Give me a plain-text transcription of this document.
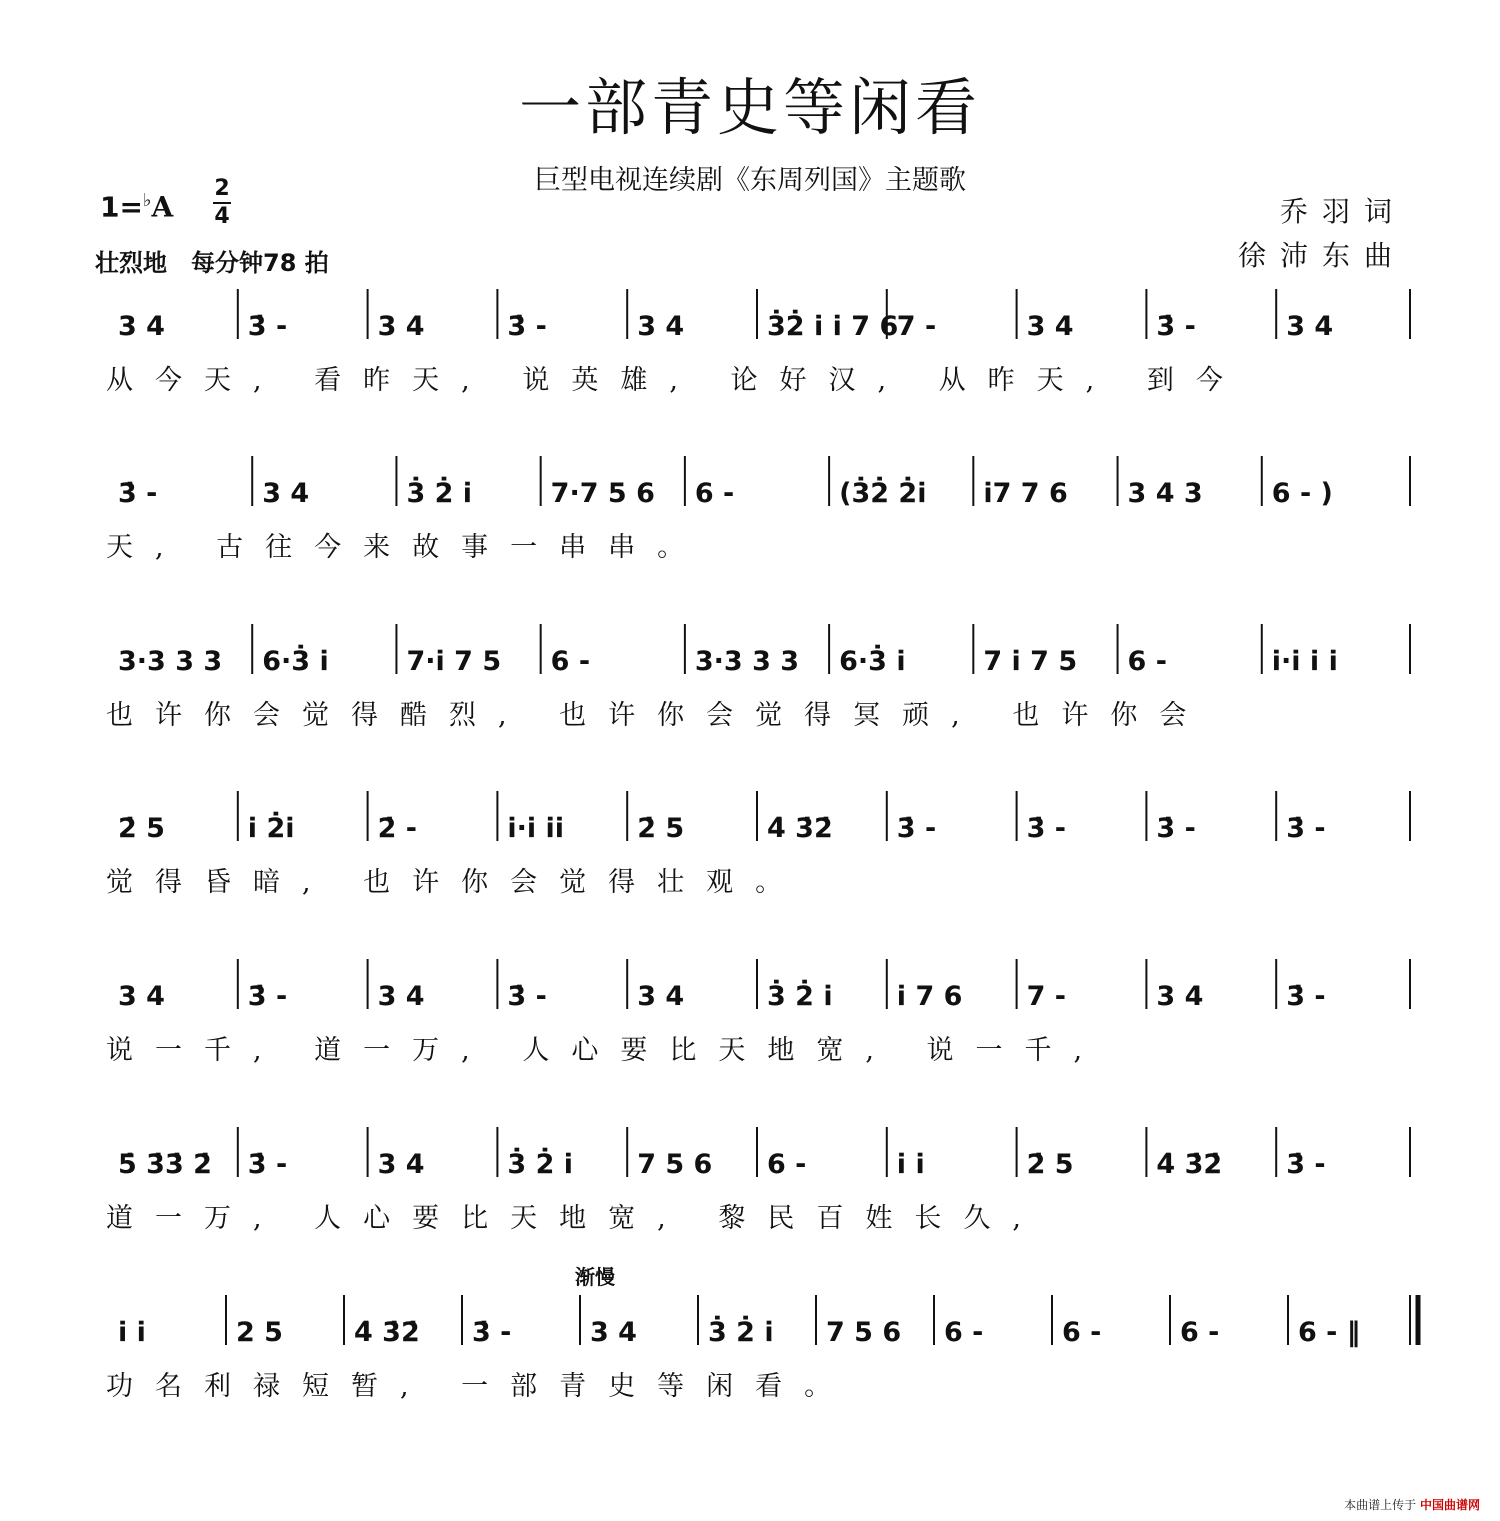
一部青史等闲看
巨型电视连续剧《东周列国》主题歌
1=♭A
2
4
壮烈地　每分钟78 拍
乔羽词
徐沛东曲
3 4	3̇ -	3 4	3̇ -	3 4	3̇2̇ i̇ i̇ 7 6
7 -	3 4	3̇ -	3 4
从今天, 看昨天, 说英雄, 论好汉, 从昨天, 到今
3̇ -	3 4	3̇ 2̇ i̇	7·7 5 6 6 -	(3̇2̇ 2̇i̇ i̇7 7 6 3 4 3	6 - )
天, 古往今来故事一串串。
3·3 3 3 6·3̇ i̇	7·i̇ 7 5 6 -	3·3 3 3 6·3̇ i̇	7 i̇ 7 5 6 -	i̇·i̇ i̇ i̇
也许你会觉得酷烈, 也许你会觉得冥顽, 也许你会
2̇ 5	i̇ 2̇i̇	2̇ -	i̇·i̇ i̇i̇	2̇ 5	4̇ 3̇2̇ 3̇ -	3̇ -	3̇ -	3̇ -
觉得昏暗, 也许你会觉得壮观。
3 4	3̇ -	3 4	3̇ -	3 4	3̇ 2̇ i̇ i̇ 7 6 7 -	3 4	3̇ -
说一千, 道一万, 人心要比天地宽, 说一千,
5̇ 3̇3̇ 2̇ 3̇ -	3 4	3̇ 2̇ i̇ 7 5 6 6 -	i̇ i̇	2̇ 5	4̇ 3̇2̇ 3̇ -
道一万, 人心要比天地宽, 黎民百姓长久,
i̇ i̇	2 5	4̇ 3̇2̇ 3̇ -	3 4	3̇ 2̇ i̇ 7 5 6 6 -	6 -	6 -	6 - ‖
功名利禄短暂, 一部青史等闲看。
渐慢
本曲谱上传于 中国曲谱网
